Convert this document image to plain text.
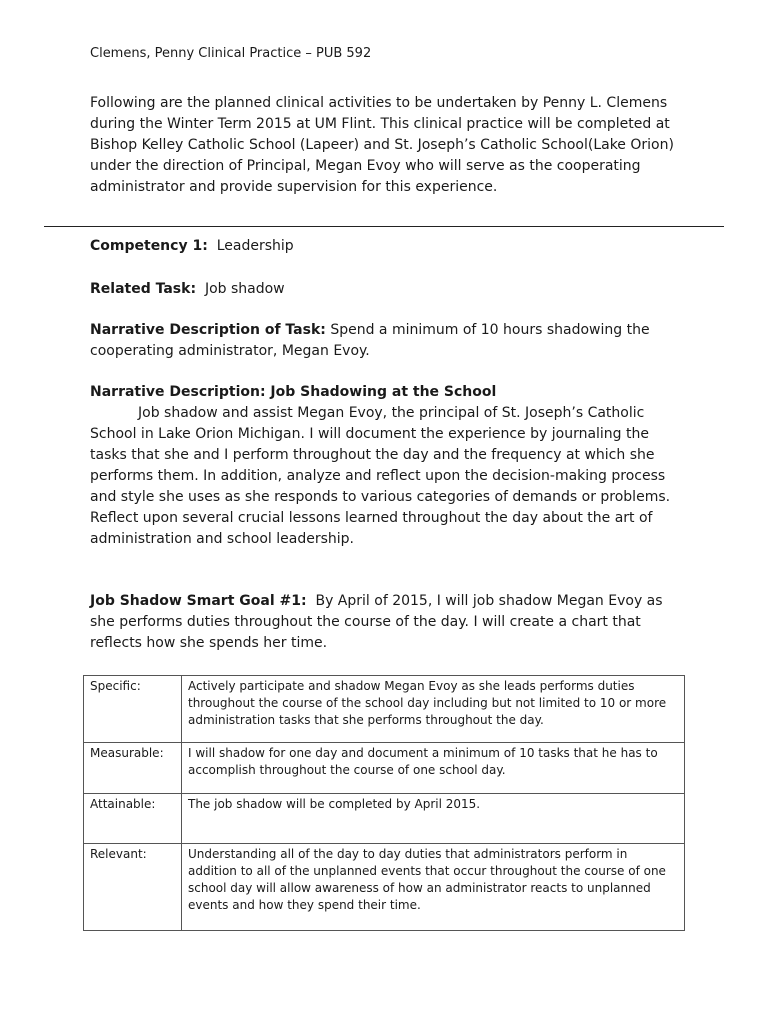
Clemens, Penny Clinical Practice – PUB 592
Following are the planned clinical activities to be undertaken by Penny L. Clemens during the Winter Term 2015 at UM Flint. This clinical practice will be completed at Bishop Kelley Catholic School (Lapeer) and St. Joseph’s Catholic School(Lake Orion) under the direction of Principal, Megan Evoy who will serve as the cooperating administrator and provide supervision for this experience.
Competency 1: Leadership
Related Task: Job shadow
Narrative Description of Task: Spend a minimum of 10 hours shadowing the cooperating administrator, Megan Evoy.
Narrative Description: Job Shadowing at the School
Job shadow and assist Megan Evoy, the principal of St. Joseph’s Catholic School in Lake Orion Michigan. I will document the experience by journaling the tasks that she and I perform throughout the day and the frequency at which she performs them. In addition, analyze and reflect upon the decision-making process and style she uses as she responds to various categories of demands or problems. Reflect upon several crucial lessons learned throughout the day about the art of administration and school leadership.
Job Shadow Smart Goal #1: By April of 2015, I will job shadow Megan Evoy as she performs duties throughout the course of the day. I will create a chart that reflects how she spends her time.
Specific:	Actively participate and shadow Megan Evoy as she leads performs duties throughout the course of the school day including but not limited to 10 or more administration tasks that she performs throughout the day.
Measurable:	I will shadow for one day and document a minimum of 10 tasks that he has to accomplish throughout the course of one school day.
Attainable:	The job shadow will be completed by April 2015.
Relevant:	Understanding all of the day to day duties that administrators perform in addition to all of the unplanned events that occur throughout the course of one school day will allow awareness of how an administrator reacts to unplanned events and how they spend their time.
